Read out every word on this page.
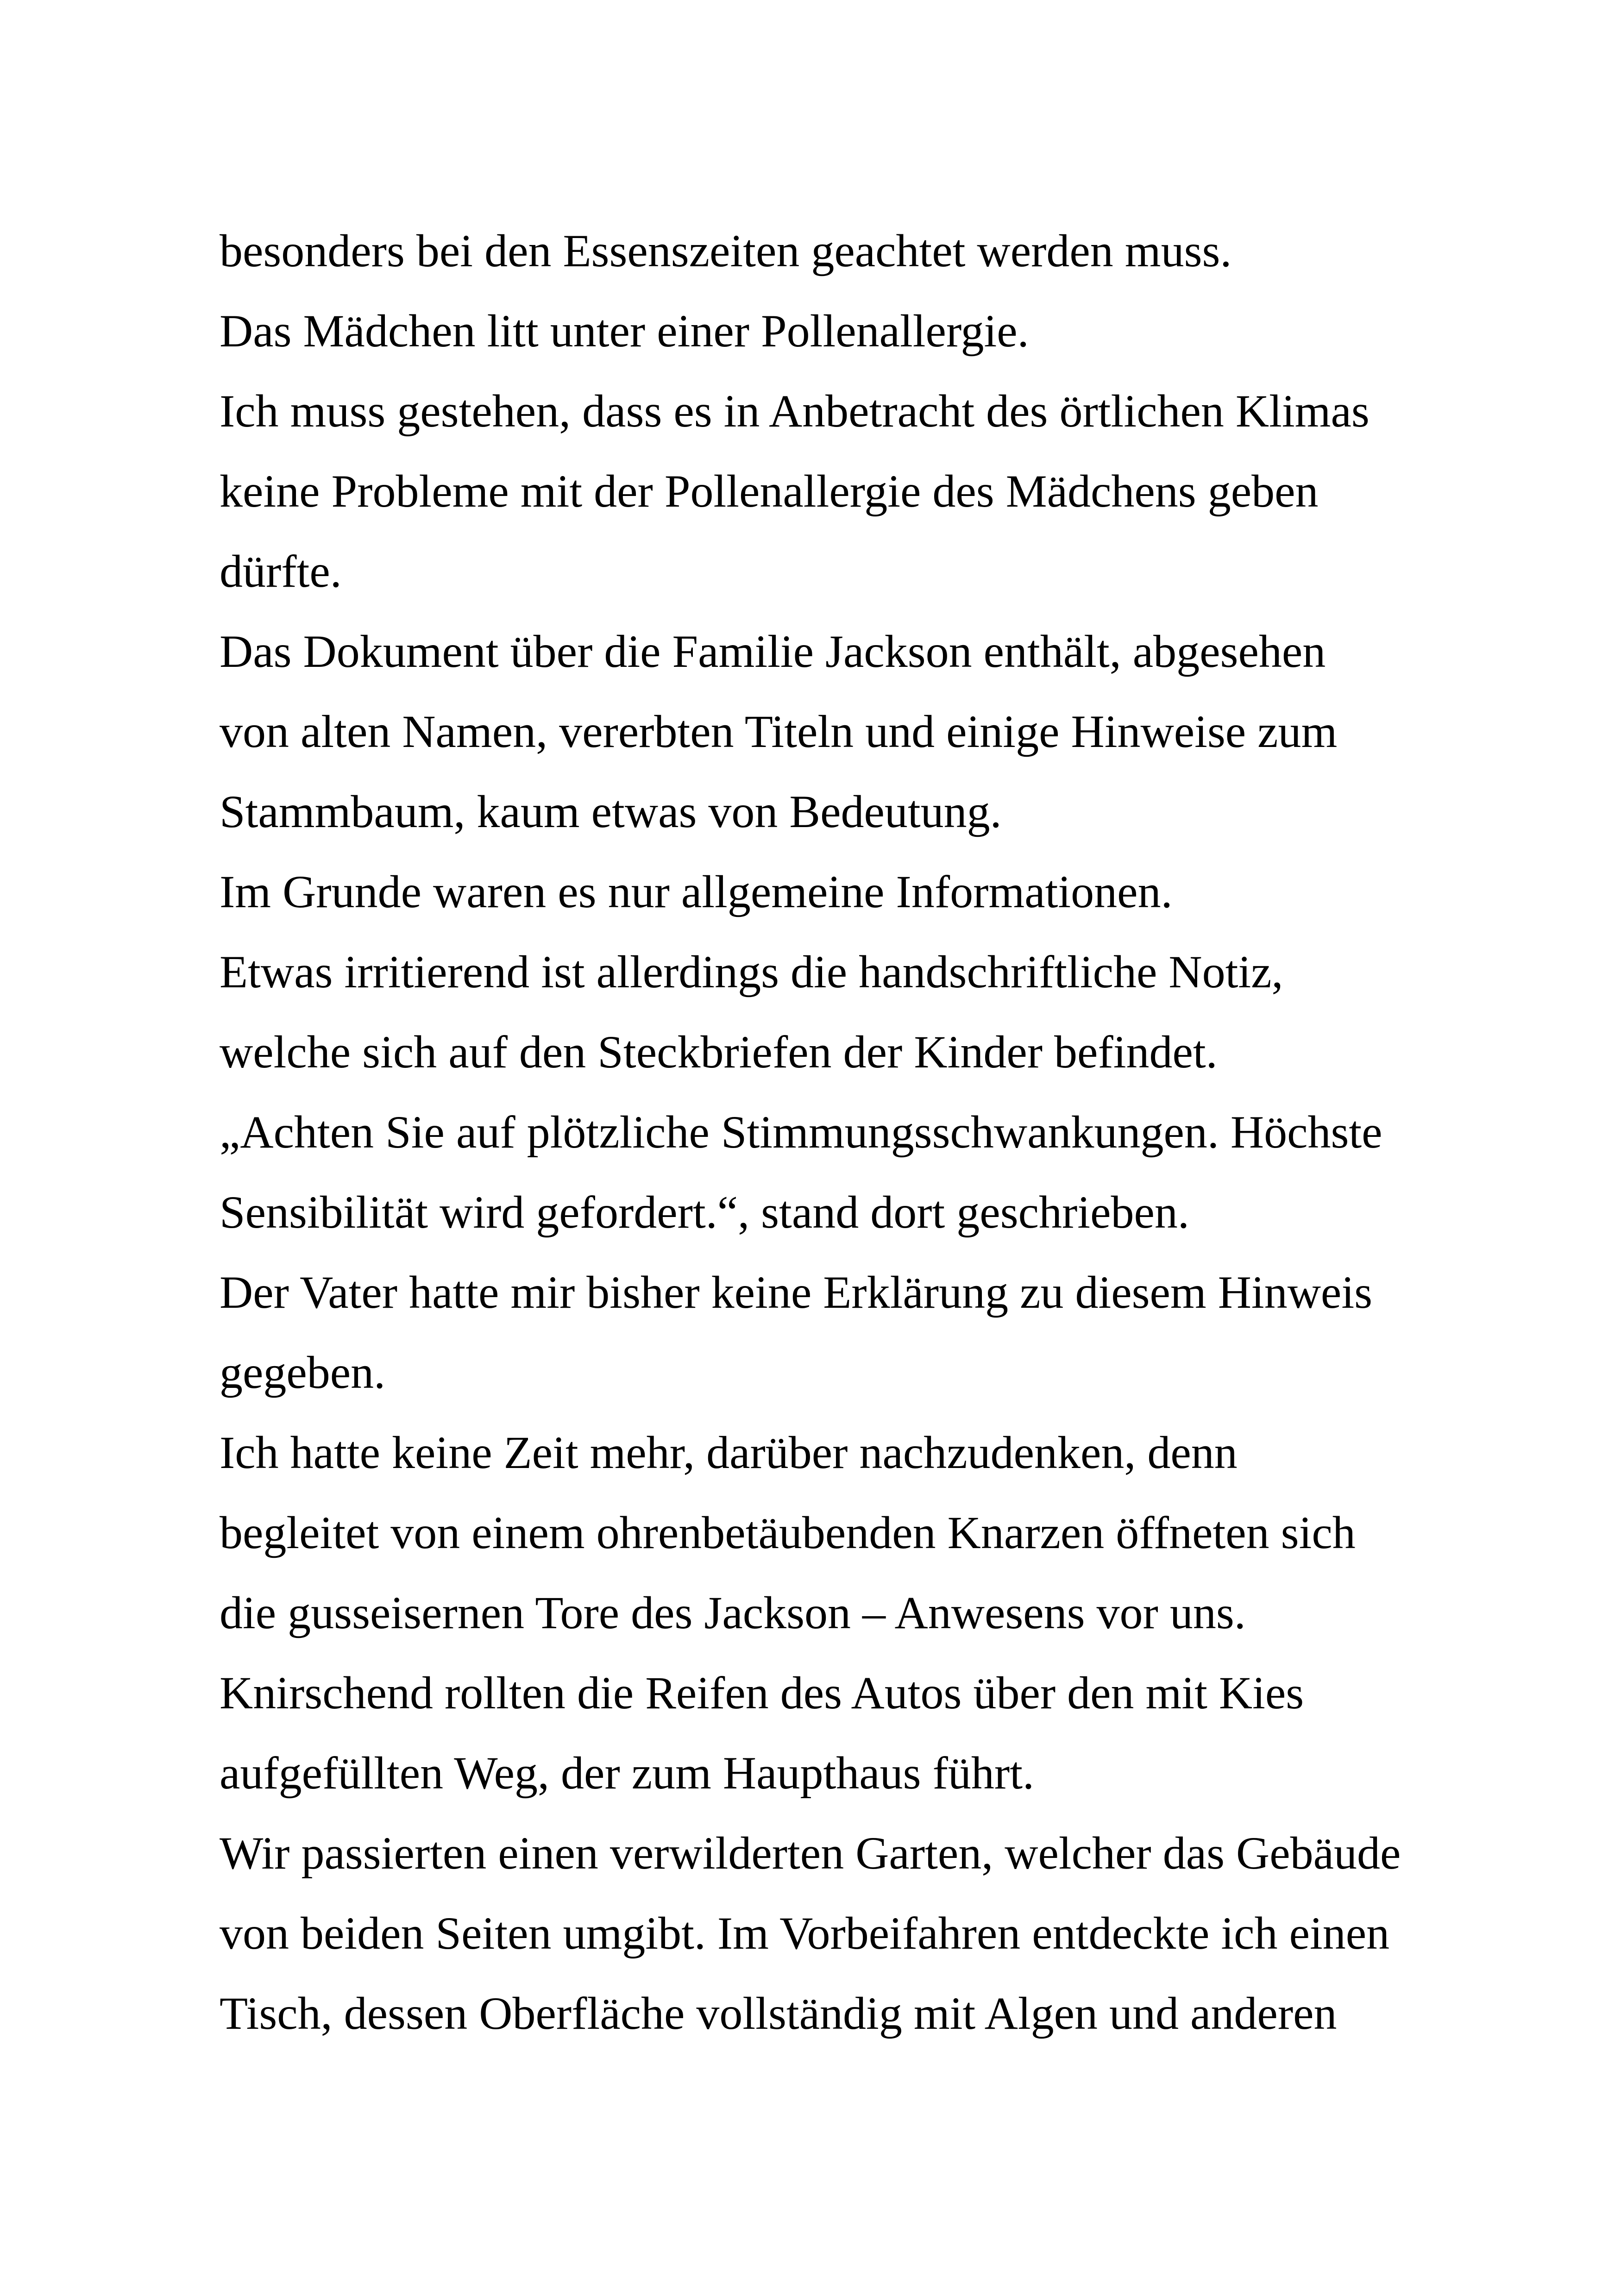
besonders bei den Essenszeiten geachtet werden muss.

Das Mädchen litt unter einer Pollenallergie.

Ich muss gestehen, dass es in Anbetracht des örtlichen Klimas

keine Probleme mit der Pollenallergie des Mädchens geben

dürfte.

Das Dokument über die Familie Jackson enthält, abgesehen

von alten Namen, vererbten Titeln und einige Hinweise zum

Stammbaum, kaum etwas von Bedeutung.

Im Grunde waren es nur allgemeine Informationen.

Etwas irritierend ist allerdings die handschriftliche Notiz,

welche sich auf den Steckbriefen der Kinder befindet.

„Achten Sie auf plötzliche Stimmungsschwankungen. Höchste

Sensibilität wird gefordert.“, stand dort geschrieben.

Der Vater hatte mir bisher keine Erklärung zu diesem Hinweis

gegeben.

Ich hatte keine Zeit mehr, darüber nachzudenken, denn

begleitet von einem ohrenbetäubenden Knarzen öffneten sich

die gusseisernen Tore des Jackson – Anwesens vor uns.

Knirschend rollten die Reifen des Autos über den mit Kies

aufgefüllten Weg, der zum Haupthaus führt.

Wir passierten einen verwilderten Garten, welcher das Gebäude

von beiden Seiten umgibt. Im Vorbeifahren entdeckte ich einen

Tisch, dessen Oberfläche vollständig mit Algen und anderen
